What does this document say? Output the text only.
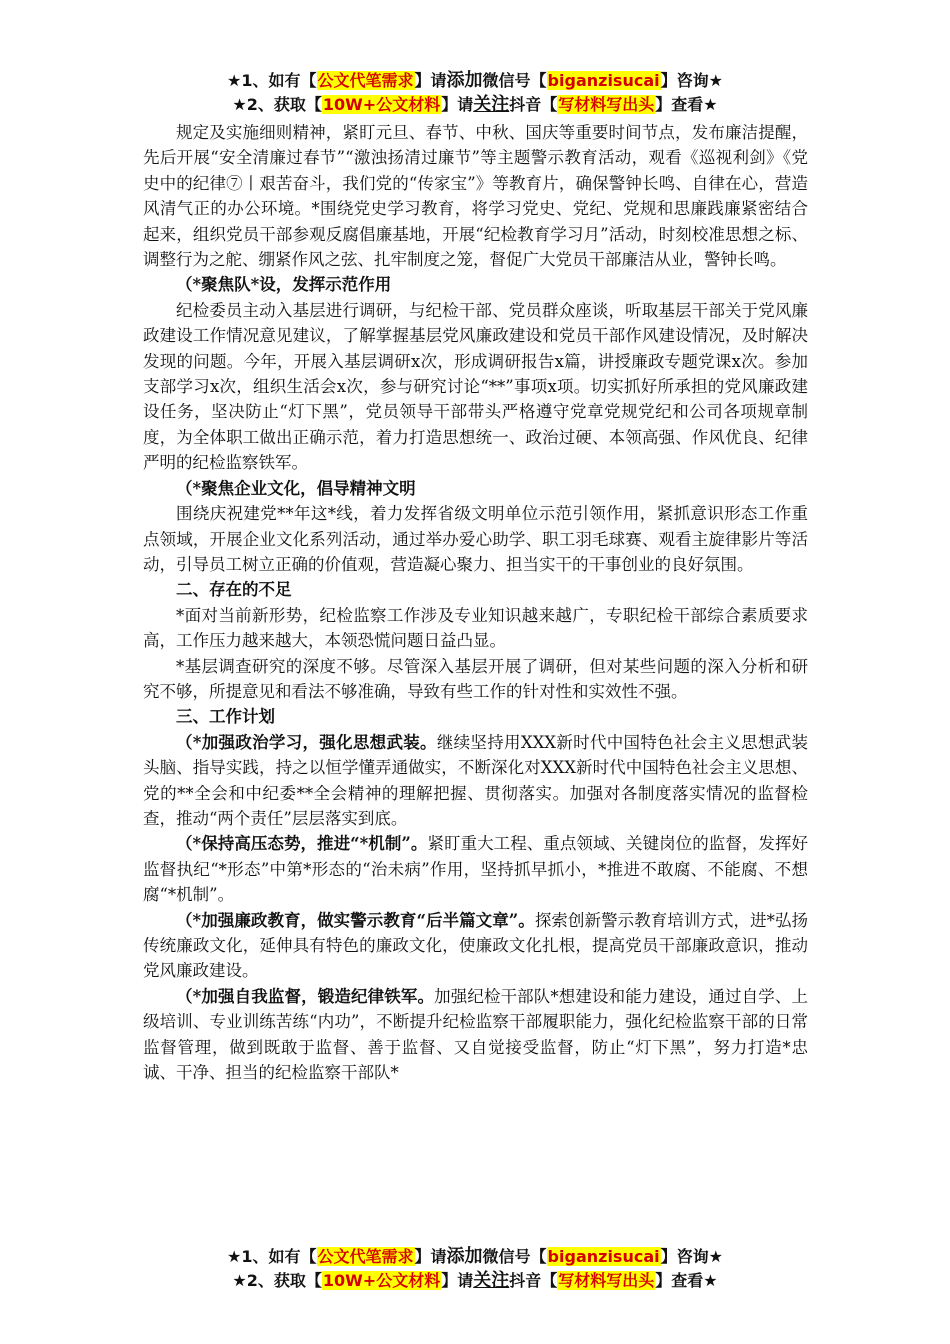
★1、如有【公文代笔需求】请添加微信号【biganzisucai】咨询★
★2、获取【10W+公文材料】请关注抖音【写材料写出头】查看★

规定及实施细则精神，紧盯元旦、春节、中秋、国庆等重要时间节点，发布廉洁提醒，先后开展“安全清廉过春节”“激浊扬清过廉节”等主题警示教育活动，观看《巡视利剑》《党史中的纪律⑦丨艰苦奋斗，我们党的“传家宝”》等教育片，确保警钟长鸣、自律在心，营造风清气正的办公环境。*围绕党史学习教育，将学习党史、党纪、党规和思廉践廉紧密结合起来，组织党员干部参观反腐倡廉基地，开展“纪检教育学习月”活动，时刻校准思想之标、调整行为之舵、绷紧作风之弦、扎牢制度之笼，督促广大党员干部廉洁从业，警钟长鸣。

（*聚焦队*设，发挥示范作用

纪检委员主动入基层进行调研，与纪检干部、党员群众座谈，听取基层干部关于党风廉政建设工作情况意见建议，了解掌握基层党风廉政建设和党员干部作风建设情况，及时解决发现的问题。今年，开展入基层调研x次，形成调研报告x篇，讲授廉政专题党课x次。参加支部学习x次，组织生活会x次，参与研究讨论“**”事项x项。切实抓好所承担的党风廉政建设任务，坚决防止“灯下黑”，党员领导干部带头严格遵守党章党规党纪和公司各项规章制度，为全体职工做出正确示范，着力打造思想统一、政治过硬、本领高强、作风优良、纪律严明的纪检监察铁军。

（*聚焦企业文化，倡导精神文明

围绕庆祝建党**年这*线，着力发挥省级文明单位示范引领作用，紧抓意识形态工作重点领域，开展企业文化系列活动，通过举办爱心助学、职工羽毛球赛、观看主旋律影片等活动，引导员工树立正确的价值观，营造凝心聚力、担当实干的干事创业的良好氛围。

二、存在的不足

*面对当前新形势，纪检监察工作涉及专业知识越来越广，专职纪检干部综合素质要求高，工作压力越来越大，本领恐慌问题日益凸显。

*基层调查研究的深度不够。尽管深入基层开展了调研，但对某些问题的深入分析和研究不够，所提意见和看法不够准确，导致有些工作的针对性和实效性不强。

三、工作计划

（*加强政治学习，强化思想武装。继续坚持用XXX新时代中国特色社会主义思想武装头脑、指导实践，持之以恒学懂弄通做实，不断深化对XXX新时代中国特色社会主义思想、党的**全会和中纪委**全会精神的理解把握、贯彻落实。加强对各制度落实情况的监督检查，推动“两个责任”层层落实到底。

（*保持高压态势，推进“*机制”。紧盯重大工程、重点领域、关键岗位的监督，发挥好监督执纪“*形态”中第*形态的“治未病”作用，坚持抓早抓小，*推进不敢腐、不能腐、不想腐“*机制”。

（*加强廉政教育，做实警示教育“后半篇文章”。探索创新警示教育培训方式，进*弘扬传统廉政文化，延伸具有特色的廉政文化，使廉政文化扎根，提高党员干部廉政意识，推动党风廉政建设。

（*加强自我监督，锻造纪律铁军。加强纪检干部队*想建设和能力建设，通过自学、上级培训、专业训练苦练“内功”，不断提升纪检监察干部履职能力，强化纪检监察干部的日常监督管理，做到既敢于监督、善于监督、又自觉接受监督，防止“灯下黑”，努力打造*忠诚、干净、担当的纪检监察干部队*

★1、如有【公文代笔需求】请添加微信号【biganzisucai】咨询★
★2、获取【10W+公文材料】请关注抖音【写材料写出头】查看★
